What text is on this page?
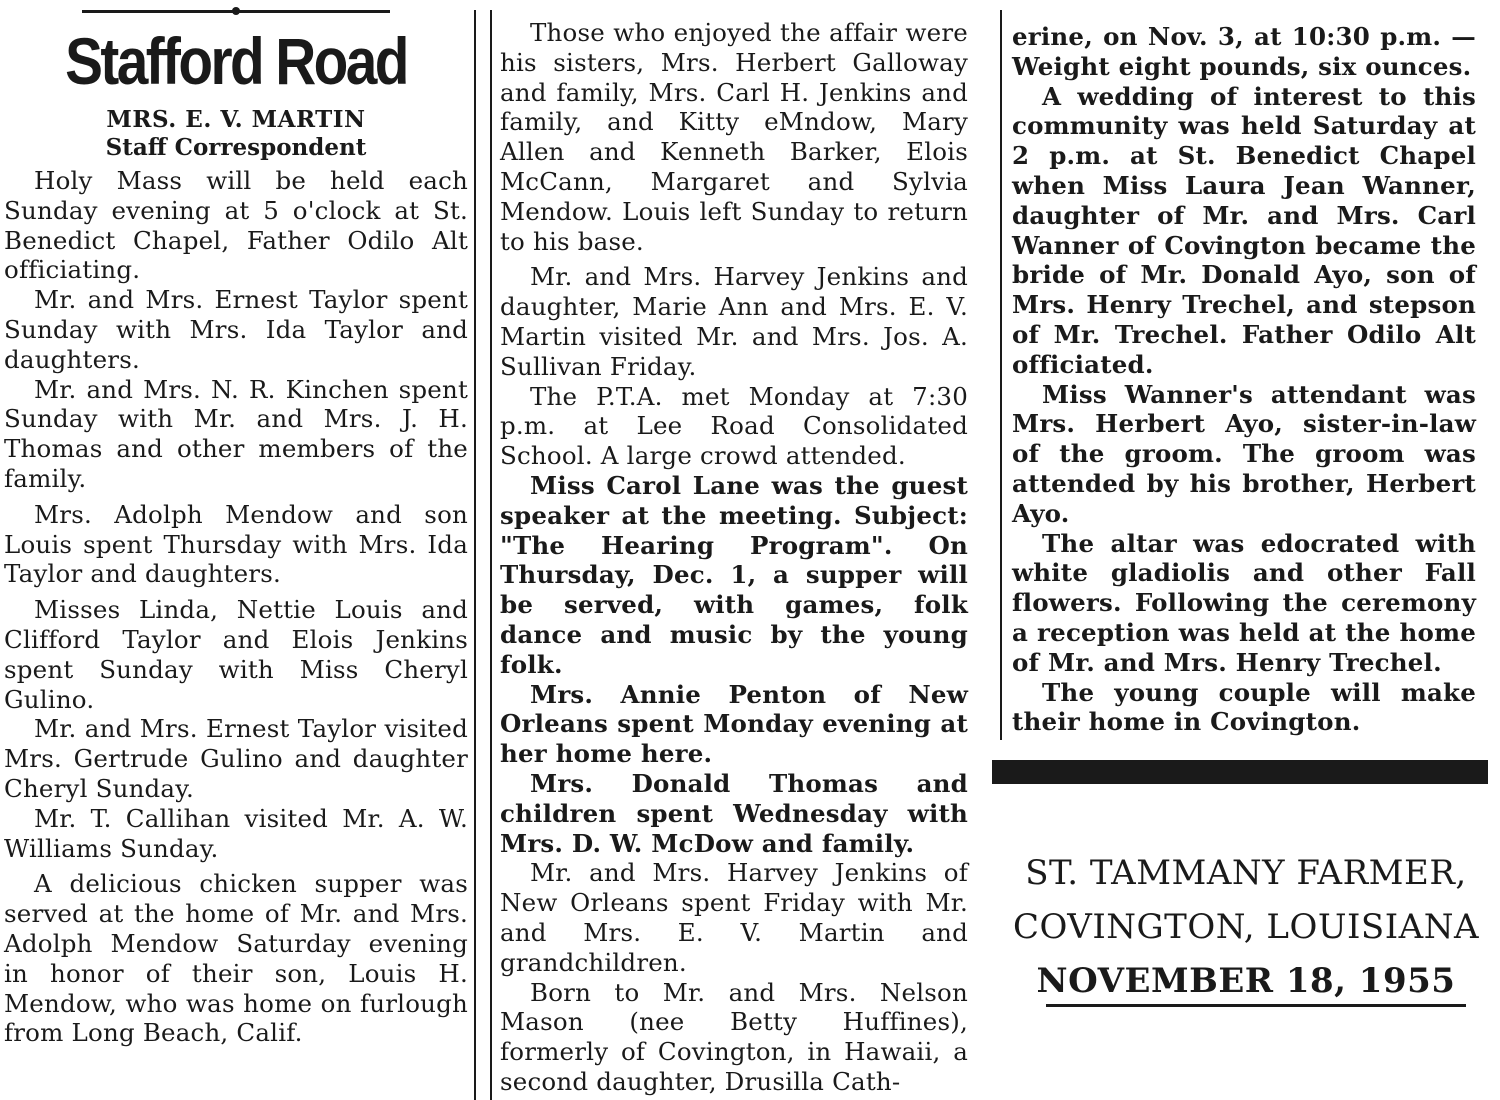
Stafford Road
MRS. E. V. MARTIN
Staff Correspondent

Holy Mass will be held each Sunday evening at 5 o'clock at St. Benedict Chapel, Father Odilo Alt officiating.

Mr. and Mrs. Ernest Taylor spent Sunday with Mrs. Ida Taylor and daughters.

Mr. and Mrs. N. R. Kinchen spent Sunday with Mr. and Mrs. J. H. Thomas and other members of the family.

Mrs. Adolph Mendow and son Louis spent Thursday with Mrs. Ida Taylor and daughters.

Misses Linda, Nettie Louis and Clifford Taylor and Elois Jenkins spent Sunday with Miss Cheryl Gulino.

Mr. and Mrs. Ernest Taylor visited Mrs. Gertrude Gulino and daughter Cheryl Sunday.

Mr. T. Callihan visited Mr. A. W. Williams Sunday.

A delicious chicken supper was served at the home of Mr. and Mrs. Adolph Mendow Saturday evening in honor of their son, Louis H. Mendow, who was home on furlough from Long Beach, Calif.

Those who enjoyed the affair were his sisters, Mrs. Herbert Galloway and family, Mrs. Carl H. Jenkins and family, and Kitty eMndow, Mary Allen and Kenneth Barker, Elois McCann, Margaret and Sylvia Mendow. Louis left Sunday to return to his base.

Mr. and Mrs. Harvey Jenkins and daughter, Marie Ann and Mrs. E. V. Martin visited Mr. and Mrs. Jos. A. Sullivan Friday.

The P.T.A. met Monday at 7:30 p.m. at Lee Road Consolidated School. A large crowd attended.

Miss Carol Lane was the guest speaker at the meeting. Subject: "The Hearing Program". On Thursday, Dec. 1, a supper will be served, with games, folk dance and music by the young folk.

Mrs. Annie Penton of New Orleans spent Monday evening at her home here.

Mrs. Donald Thomas and children spent Wednesday with Mrs. D. W. McDow and family.

Mr. and Mrs. Harvey Jenkins of New Orleans spent Friday with Mr. and Mrs. E. V. Martin and grandchildren.

Born to Mr. and Mrs. Nelson Mason (nee Betty Huffines), formerly of Covington, in Hawaii, a second daughter, Drusilla Cath-

erine, on Nov. 3, at 10:30 p.m. — Weight eight pounds, six ounces.

A wedding of interest to this community was held Saturday at 2 p.m. at St. Benedict Chapel when Miss Laura Jean Wanner, daughter of Mr. and Mrs. Carl Wanner of Covington became the bride of Mr. Donald Ayo, son of Mrs. Henry Trechel, and stepson of Mr. Trechel. Father Odilo Alt officiated.

Miss Wanner's attendant was Mrs. Herbert Ayo, sister-in-law of the groom. The groom was attended by his brother, Herbert Ayo.

The altar was edocrated with white gladiolis and other Fall flowers. Following the ceremony a reception was held at the home of Mr. and Mrs. Henry Trechel.

The young couple will make their home in Covington.

ST. TAMMANY FARMER,
COVINGTON, LOUISIANA
NOVEMBER 18, 1955
